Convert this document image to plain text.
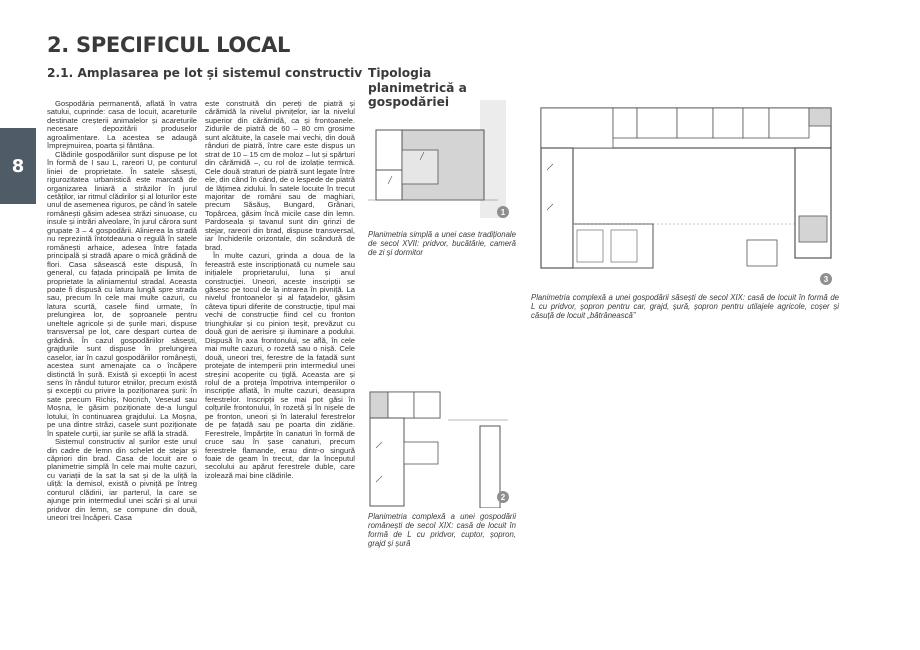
8
2. SPECIFICUL LOCAL
2.1. Amplasarea pe lot și sistemul constructiv Tipologia planimetrică a gospodăriei

Gospodăria permanentă, aflată în vatra satului, cuprinde: casa de locuit, acareturile destinate creșterii animalelor și acareturile necesare depozitării produselor agroalimentare. La acestea se adaugă împrejmuirea, poarta și fântâna.

Clădirile gospodăriilor sunt dispuse pe lot în formă de I sau L, rareori U, pe conturul liniei de proprietate. În satele săsești, rigurozitatea urbanistică este marcată de organizarea liniară a străzilor în jurul cetăților, iar ritmul clădirilor și al loturilor este unul de asemenea riguros, pe când în satele românești găsim adesea străzi sinuoase, cu insule și intrări alveolare, în jurul cărora sunt grupate 3 – 4 gospodării. Alinierea la stradă nu reprezintă întotdeauna o regulă în satele românești arhaice, adesea între fațada principală și stradă apare o mică grădină de flori. Casa săsească este dispusă, în general, cu fațada principală pe limita de proprietate la aliniamentul stradal. Aceasta poate fi dispusă cu latura lungă spre strada sau, precum în cele mai multe cazuri, cu latura scurtă, casele fiind urmate, în prelungirea lor, de șoproanele pentru uneltele agricole și de șurile mari, dispuse transversal pe lot, care despart curtea de grădină. În cazul gospodăriilor săsești, grajdurile sunt dispuse în prelungirea caselor, iar în cazul gospodăriilor românești, acestea sunt amenajate ca o încăpere distinctă în șură. Există și excepții în acest sens în rândul tuturor etniilor, precum există și excepții cu privire la poziționarea șurii: în sate precum Richiș, Nocrich, Veseud sau Moșna, le găsim poziționate de-a lungul lotului, în continuarea grajdului. La Moșna, pe una dintre străzi, casele sunt poziționate în spatele curții, iar șurile se află la stradă.

Sistemul constructiv al șurilor este unul din cadre de lemn din schelet de stejar și căpriori din brad. Casa de locuit are o planimetrie simplă în cele mai multe cazuri, cu variații de la sat la sat și de la uliță la uliță: la demisol, există o pivniță pe întreg conturul clădirii, iar parterul, la care se ajunge prin intermediul unei scări și al unui pridvor din lemn, se compune din două, uneori trei încăperi. Casa

este construită din pereți de piatră și cărămidă la nivelul pivnițelor, iar la nivelul superior din cărămidă, ca și frontoanele. Zidurile de piatră de 60 – 80 cm grosime sunt alcătuite, la casele mai vechi, din două rânduri de piatră, între care este dispus un strat de 10 – 15 cm de moloz – lut și spărturi din cărămidă –, cu rol de izolație termică. Cele două straturi de piatră sunt legate între ele, din când în când, de o lespede de piatră de lățimea zidului. În satele locuite în trecut majoritar de români sau de maghiari, precum Săsăuș, Bungard, Grânari, Topârcea, găsim încă micile case din lemn. Pardoseala și tavanul sunt din grinzi de stejar, rareori din brad, dispuse transversal, iar închiderile orizontale, din scândură de brad.

În multe cazuri, grinda a doua de la fereastră este inscripționată cu numele sau inițialele proprietarului, luna și anul construcției. Uneori, aceste inscripții se găsesc pe tocul de la intrarea în pivniță. La nivelul frontoanelor și al fațadelor, găsim câteva tipuri diferite de construcție, tipul mai vechi de construcție fiind cel cu fronton triunghiular și cu pinion teșit, prevăzut cu două guri de aerisire și iluminare a podului. Dispusă în axa frontonului, se află, în cele mai multe cazuri, o rozetă sau o nișă. Cele două, uneori trei, ferestre de la fațadă sunt protejate de intemperii prin intermediul unei streșini acoperite cu țiglă. Aceasta are și rolul de a proteja împotriva intemperiilor o inscripție aflată, în multe cazuri, deasupra ferestrelor. Inscripții se mai pot găsi în colțurile frontonului, în rozetă și în nișele de pe fronton, uneori și în lateralul ferestrelor de pe fațadă sau pe poarta din zidărie. Ferestrele, împărțite în canaturi în formă de cruce sau în șase canaturi, precum ferestrele flamande, erau dintr-o singură foaie de geam în trecut, dar la începutul secolului au apărut ferestrele duble, care izolează mai bine clădirile.

1
Planimetria simplă a unei case tradiționale de secol XVII: pridvor, bucătărie, cameră de zi și dormitor
2
Planimetria complexă a unei gospodării românești de secol XIX: casă de locuit în formă de L cu pridvor, cuptor, șopron, grajd și șură
3
Planimetria complexă a unei gospodării săsești de secol XIX: casă de locuit în formă de L cu pridvor, șopron pentru car, grajd, șură, șopron pentru utilajele agricole, coșer și căsuță de locuit „bătrânească”
